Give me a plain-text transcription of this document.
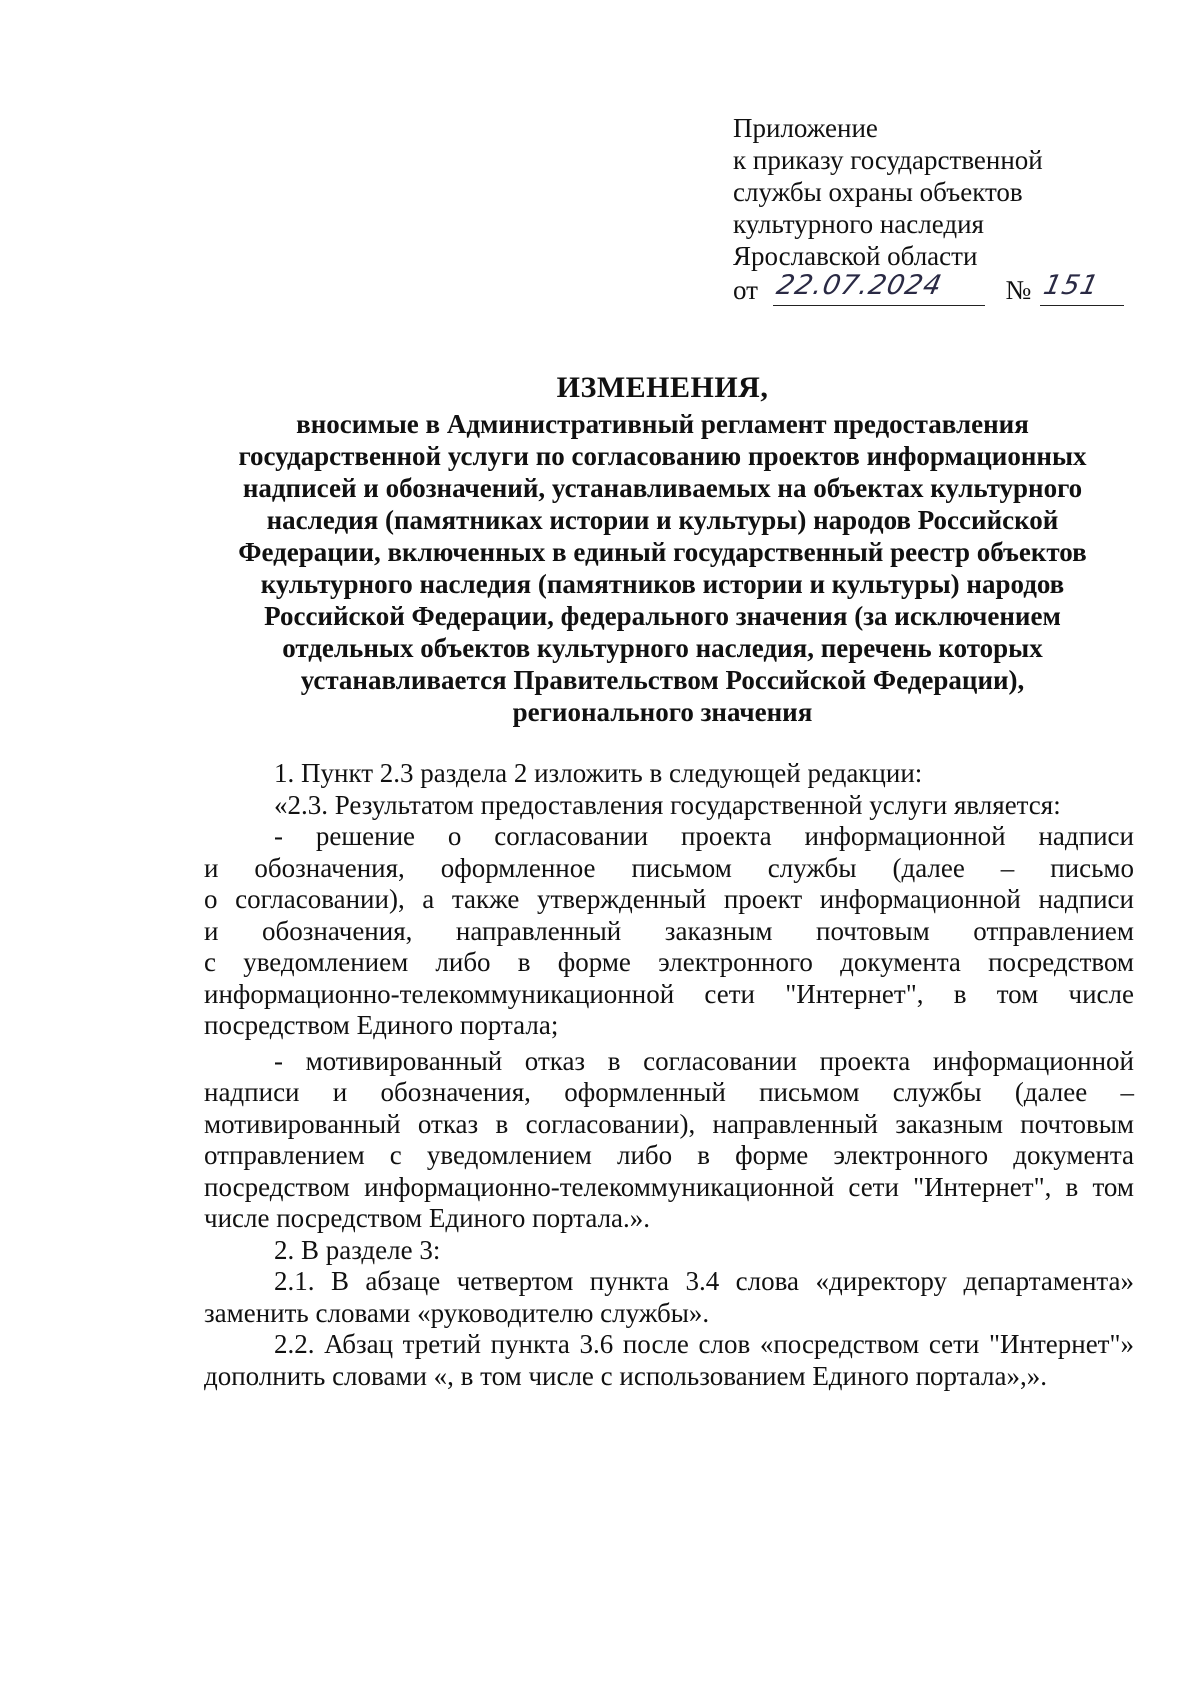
Приложение
к приказу государственной
службы охраны объектов
культурного наследия
Ярославской области
от 22.07.2024 № 151
ИЗМЕНЕНИЯ,
вносимые в Административный регламент предоставления
государственной услуги по согласованию проектов информационных
надписей и обозначений, устанавливаемых на объектах культурного
наследия (памятниках истории и культуры) народов Российской
Федерации, включенных в единый государственный реестр объектов
культурного наследия (памятников истории и культуры) народов
Российской Федерации, федерального значения (за исключением
отдельных объектов культурного наследия, перечень которых
устанавливается Правительством Российской Федерации),
регионального значения
1. Пункт 2.3 раздела 2 изложить в следующей редакции:
«2.3. Результатом предоставления государственной услуги является:
- решение о согласовании проекта информационной надписи
и обозначения, оформленное письмом службы (далее – письмо
о согласовании), а также утвержденный проект информационной надписи
и обозначения, направленный заказным почтовым отправлением
с уведомлением либо в форме электронного документа посредством
информационно-телекоммуникационной сети "Интернет", в том числе
посредством Единого портала;
- мотивированный отказ в согласовании проекта информационной
надписи и обозначения, оформленный письмом службы (далее –
мотивированный отказ в согласовании), направленный заказным почтовым
отправлением с уведомлением либо в форме электронного документа
посредством информационно-телекоммуникационной сети "Интернет", в том
числе посредством Единого портала.».
2. В разделе 3:
2.1. В абзаце четвертом пункта 3.4 слова «директору департамента»
заменить словами «руководителю службы».
2.2. Абзац третий пункта 3.6 после слов «посредством сети "Интернет"»
дополнить словами «, в том числе с использованием Единого портала»,».
